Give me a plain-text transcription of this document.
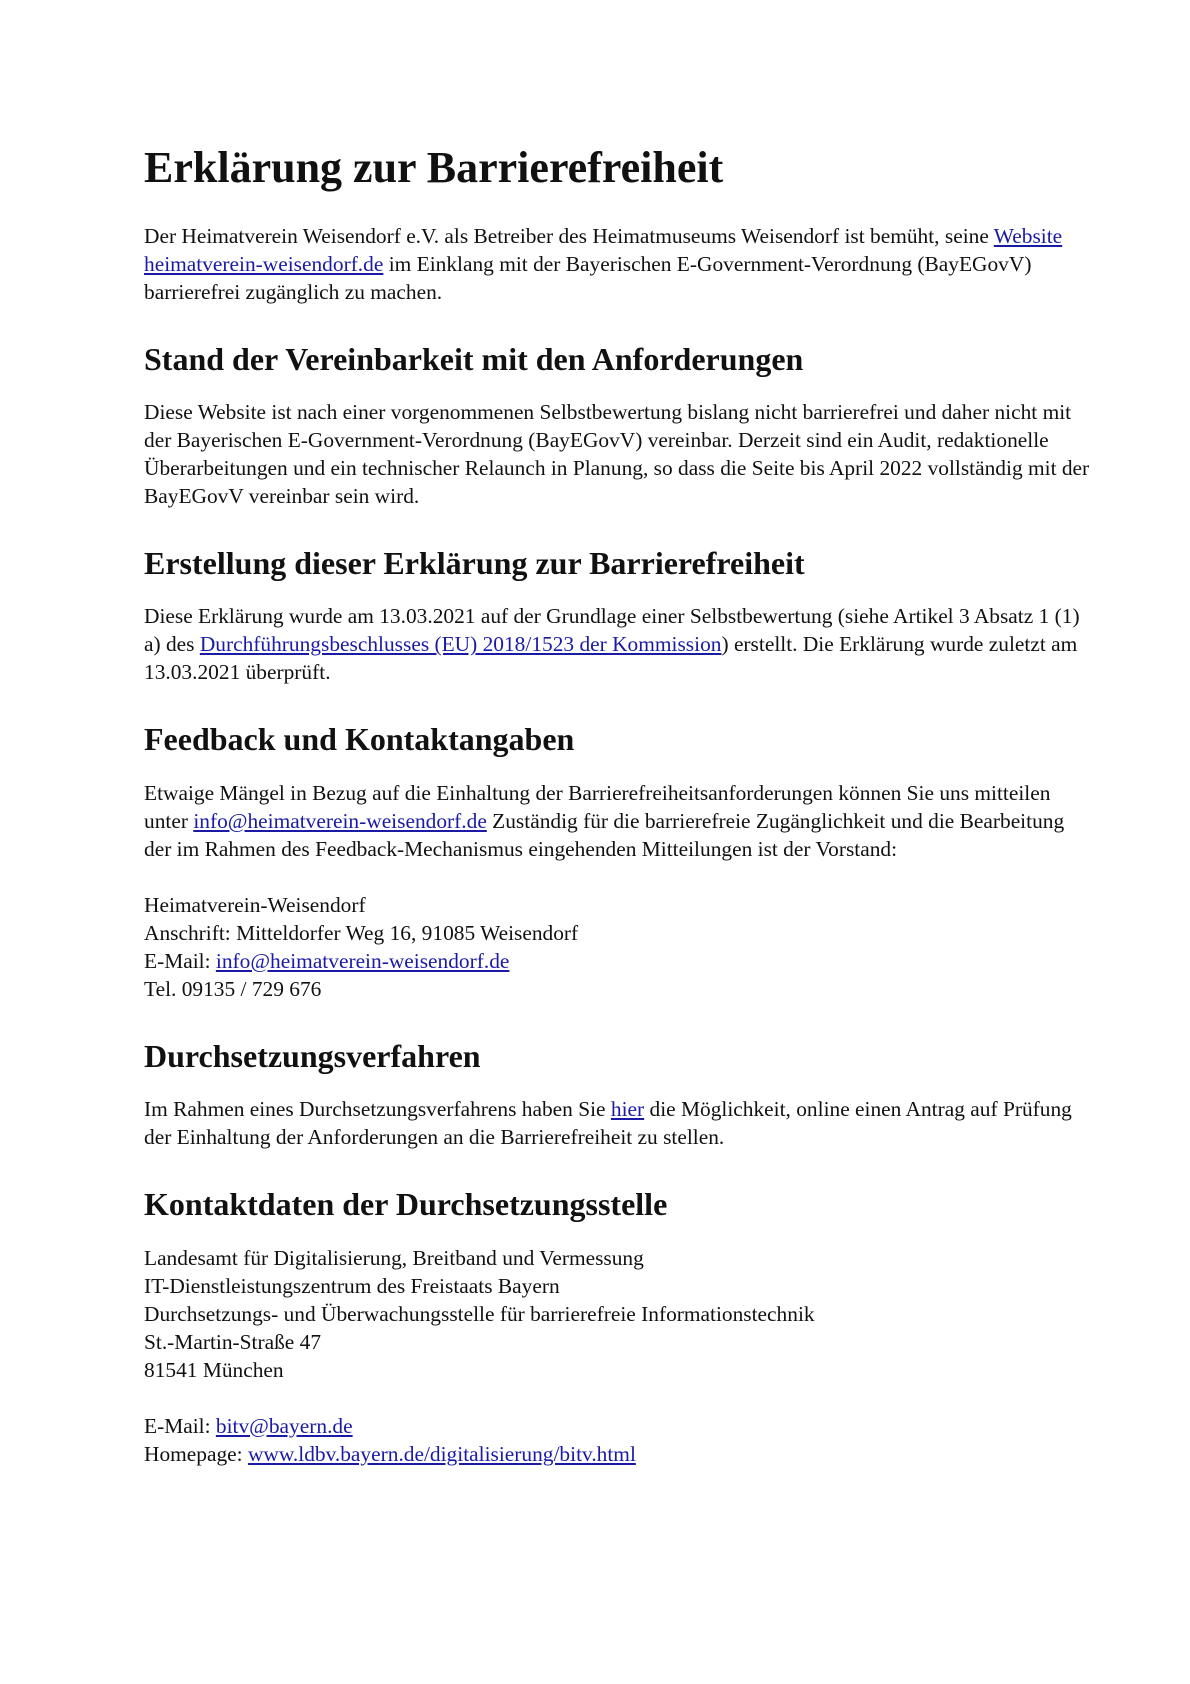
Erklärung zur Barrierefreiheit

Der Heimatverein Weisendorf e.V. als Betreiber des Heimatmuseums Weisendorf ist bemüht, seine Website heimatverein-weisendorf.de im Einklang mit der Bayerischen E-Government-Verordnung (BayEGovV) barrierefrei zugänglich zu machen.

Stand der Vereinbarkeit mit den Anforderungen

Diese Website ist nach einer vorgenommenen Selbstbewertung bislang nicht barrierefrei und daher nicht mit der Bayerischen E-Government-Verordnung (BayEGovV) vereinbar. Derzeit sind ein Audit, redaktionelle Überarbeitungen und ein technischer Relaunch in Planung, so dass die Seite bis April 2022 vollständig mit der BayEGovV vereinbar sein wird.

Erstellung dieser Erklärung zur Barrierefreiheit

Diese Erklärung wurde am 13.03.2021 auf der Grundlage einer Selbstbewertung (siehe Artikel 3 Absatz 1 (1) a) des Durchführungsbeschlusses (EU) 2018/1523 der Kommission) erstellt. Die Erklärung wurde zuletzt am 13.03.2021 überprüft.

Feedback und Kontaktangaben

Etwaige Mängel in Bezug auf die Einhaltung der Barrierefreiheitsanforderungen können Sie uns mitteilen unter info@heimatverein-weisendorf.de Zuständig für die barrierefreie Zugänglichkeit und die Bearbeitung der im Rahmen des Feedback-Mechanismus eingehenden Mitteilungen ist der Vorstand:

Heimatverein-Weisendorf

Anschrift: Mitteldorfer Weg 16, 91085 Weisendorf

E-Mail: info@heimatverein-weisendorf.de

Tel. 09135 / 729 676

Durchsetzungsverfahren

Im Rahmen eines Durchsetzungsverfahrens haben Sie hier die Möglichkeit, online einen Antrag auf Prüfung der Einhaltung der Anforderungen an die Barrierefreiheit zu stellen.

Kontaktdaten der Durchsetzungsstelle

Landesamt für Digitalisierung, Breitband und Vermessung

IT-Dienstleistungszentrum des Freistaats Bayern

Durchsetzungs- und Überwachungsstelle für barrierefreie Informationstechnik

St.-Martin-Straße 47

81541 München

E-Mail: bitv@bayern.de

Homepage: www.ldbv.bayern.de/digitalisierung/bitv.html
